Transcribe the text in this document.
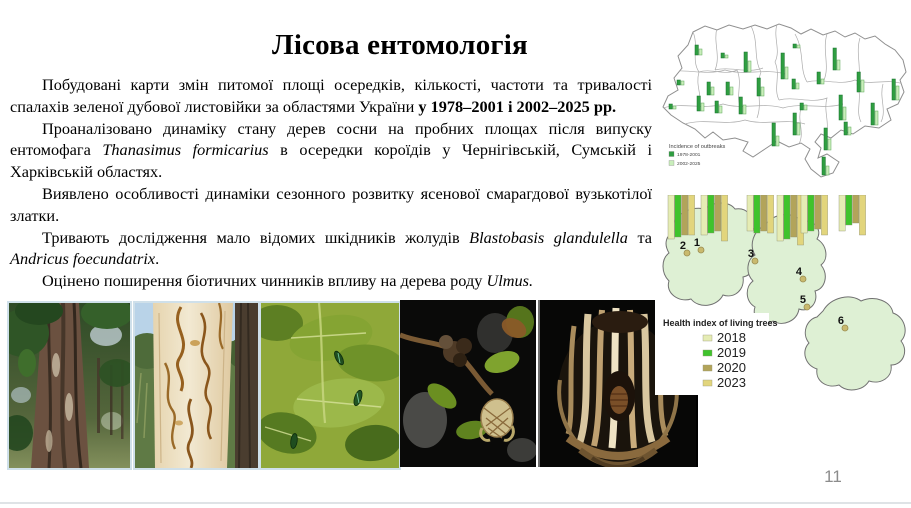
Лісова ентомологія

Побудовані карти змін питомої площі осередків, кількості, частоти та тривалості спалахів зеленої дубової листовійки за областями України у 1978–2001 і 2002–2025 рр.

Проаналізовано динаміку стану дерев сосни на пробних площах після випуску ентомофага Thanasimus formicarius в осередки короїдів у Чернігівській, Сумській і Харківській областях.

Виявлено особливості динаміки сезонного розвитку ясенової смарагдової вузькотілої златки.

Тривають дослідження мало відомих шкідників жолудів Blastobasis glandulella та Andricus foecundatrix.

Оцінено поширення біотичних чинників впливу на дерева роду Ulmus.

Incidence of outbreaks
1978-2001
2002-2025
2 1
3
4
5
6
Health index of living trees
2018
2019
2020
2023
11
